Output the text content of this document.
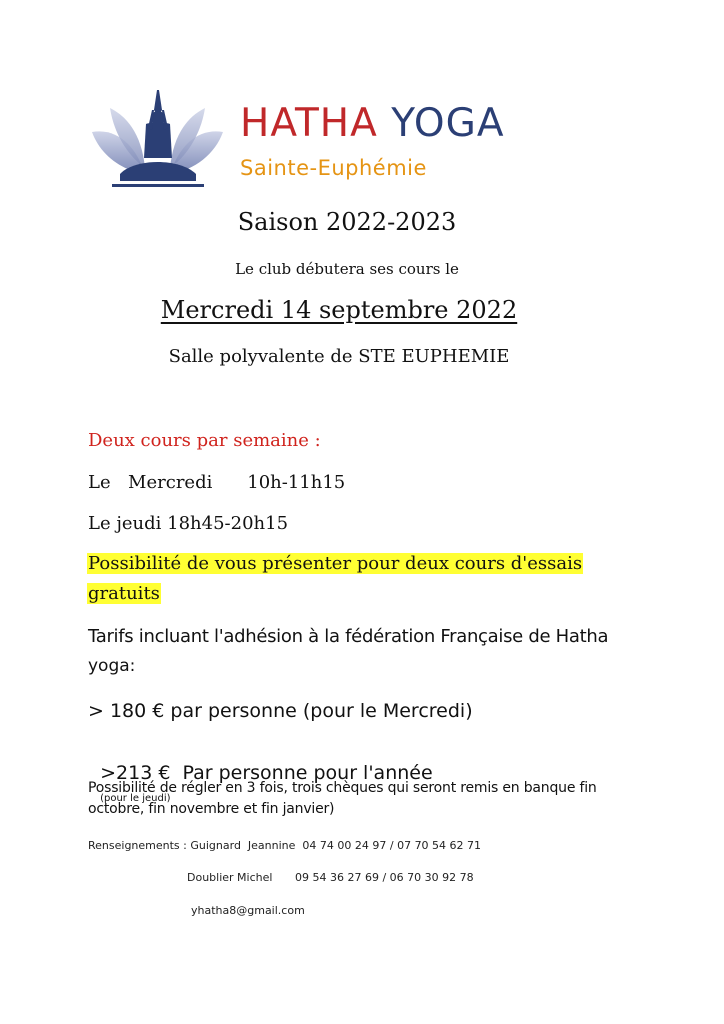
HATHA YOGA
Sainte-Euphémie
Saison 2022-2023
Le club débutera ses cours le
Mercredi 14 septembre 2022
Salle polyvalente de STE EUPHEMIE
Deux cours par semaine :
Le  Mercredi    10h-11h15
Le jeudi 18h45-20h15
Possibilité de vous présenter pour deux cours d'essais
gratuits
Tarifs incluant l'adhésion à la fédération Française de Hatha
yoga:
> 180 € par personne (pour le Mercredi)

>213 €  Par personne pour l'année
(pour le jeudi)

Possibilité de régler en 3 fois, trois chèques qui seront remis en banque fin
octobre, fin novembre et fin janvier)
Renseignements : Guignard  Jeannine  04 74 00 24 97 / 07 70 54 62 71
Doublier Michel 09 54 36 27 69 / 06 70 30 92 78
yhatha8@gmail.com
